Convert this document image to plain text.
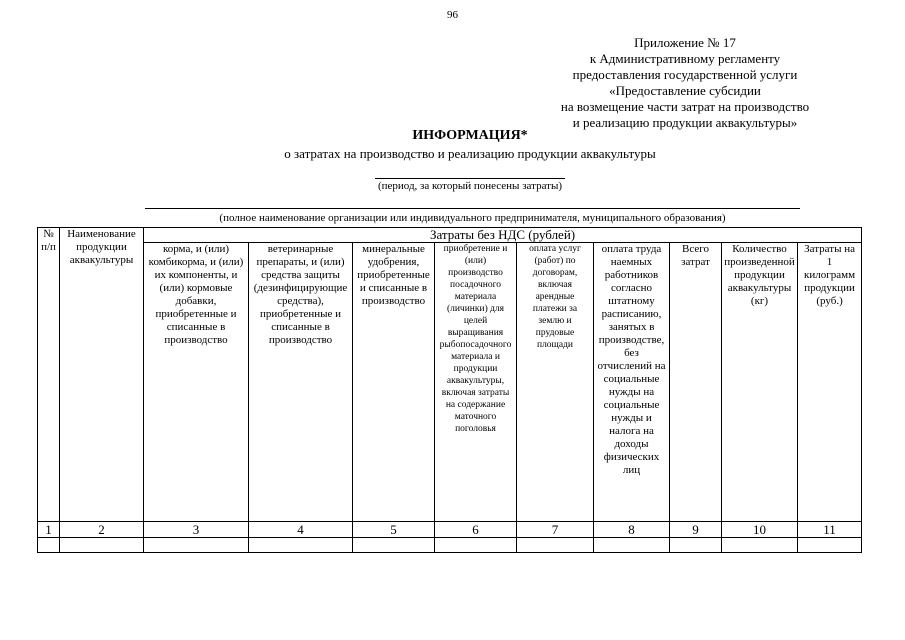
96
Приложение № 17
к Административному регламенту
предоставления государственной услуги
«Предоставление субсидии
на возмещение части затрат на производство
и реализацию продукции аквакультуры»
ИНФОРМАЦИЯ*
о затратах на производство и реализацию продукции аквакультуры
(период, за который понесены затраты)
(полное наименование организации или индивидуального предпринимателя, муниципального образования)
№ п/п	Наименование продукции аквакультуры	Затраты без НДС (рублей)								
		корма, и (или) комбикорма, и (или) их компоненты, и (или) кормовые добавки, приобретенные и списанные в производство	ветеринарные препараты, и (или) средства защиты (дезинфицирующие средства), приобретенные и списанные в производство	минеральные удобрения, приобретенные и списанные в производство	приобретение и (или) производство посадочного материала (личинки) для целей выращивания рыбопосадочного материала и продукции аквакультуры, включая затраты на содержание маточного поголовья	оплата услуг (работ) по договорам, включая арендные платежи за землю и прудовые площади	оплата труда наемных работников согласно штатному расписанию, занятых в производстве, без отчислений на социальные нужды на социальные нужды и налога на доходы физических лиц	Всего затрат	Количество произведенной продукции аквакультуры (кг)	Затраты на 1 килограмм продукции (руб.)
1	2	3	4	5	6	7	8	9	10	11
